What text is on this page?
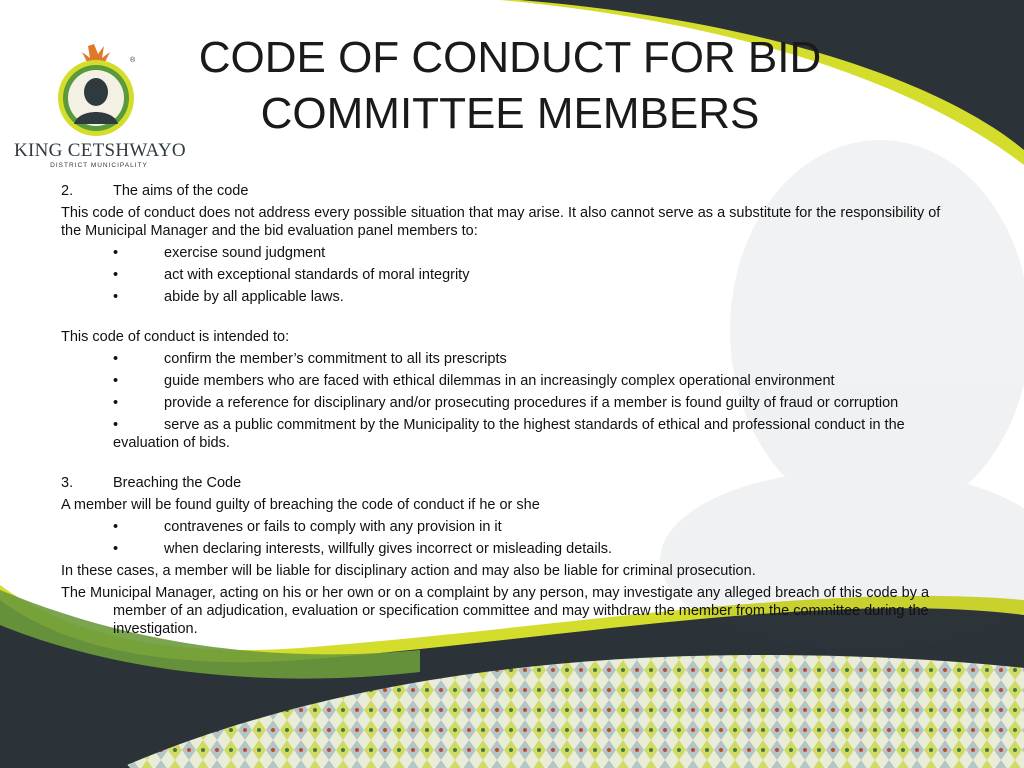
®
KING CETSHWAYO
DISTRICT MUNICIPALITY
CODE OF CONDUCT FOR BID
COMMITTEE MEMBERS

2.	The aims of the code

This code of conduct does not address every possible situation that may arise. It also cannot serve as a substitute for the responsibility of the Municipal Manager and the bid evaluation panel members to:

•	exercise sound judgment

•	act with exceptional standards of moral integrity

•	abide by all applicable laws.

This code of conduct is intended to:

•	confirm the member’s commitment to all its prescripts

•	guide members who are faced with ethical dilemmas in an increasingly complex operational environment

•	provide a reference for disciplinary and/or prosecuting procedures if a member is found guilty of fraud or corruption

•	serve as a public commitment by the Municipality to the highest standards of ethical and professional conduct in the evaluation of bids.

3.	Breaching the Code

A member will be found guilty of breaching the code of conduct if he or she

•	contravenes or fails to comply with any provision in it

•	when declaring interests, willfully gives incorrect or misleading details.

In these cases, a member will be liable for disciplinary action and may also be liable for criminal prosecution.

The Municipal Manager, acting on his or her own or on a complaint by any person, may investigate any alleged breach of this code by a member of an adjudication, evaluation or specification committee and may withdraw the member from the committee during the investigation.
